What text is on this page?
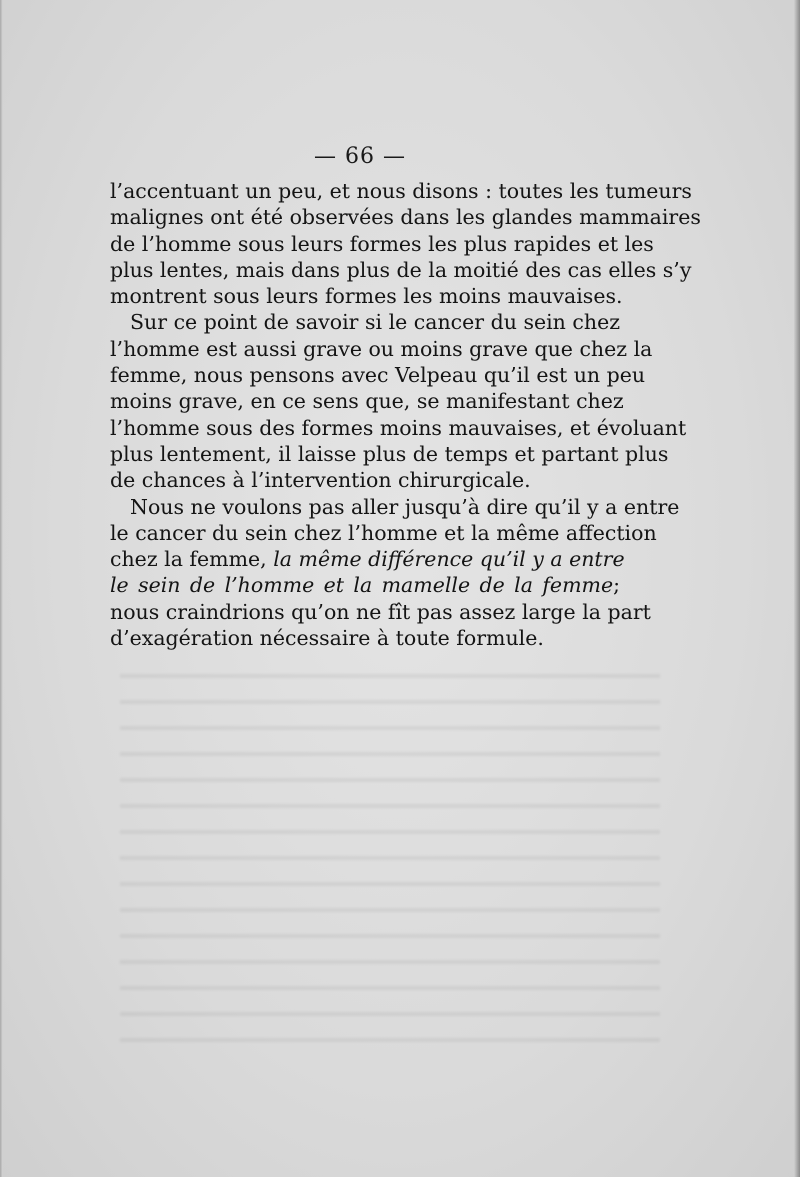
— 66 —

l’accentuant un peu, et nous disons : toutes les tumeurs
malignes ont été observées dans les glandes mammaires
de l’homme sous leurs formes les plus rapides et les
plus lentes, mais dans plus de la moitié des cas elles s’y
montrent sous leurs formes les moins mauvaises.

Sur ce point de savoir si le cancer du sein chez
l’homme est aussi grave ou moins grave que chez la
femme, nous pensons avec Velpeau qu’il est un peu
moins grave, en ce sens que, se manifestant chez
l’homme sous des formes moins mauvaises, et évoluant
plus lentement, il laisse plus de temps et partant plus
de chances à l’intervention chirurgicale.

Nous ne voulons pas aller jusqu’à dire qu’il y a entre
le cancer du sein chez l’homme et la même affection
chez la femme, la même différence qu’il y a entre
le sein de l’homme et la mamelle de la femme;
nous craindrions qu’on ne fît pas assez large la part
d’exagération nécessaire à toute formule.
